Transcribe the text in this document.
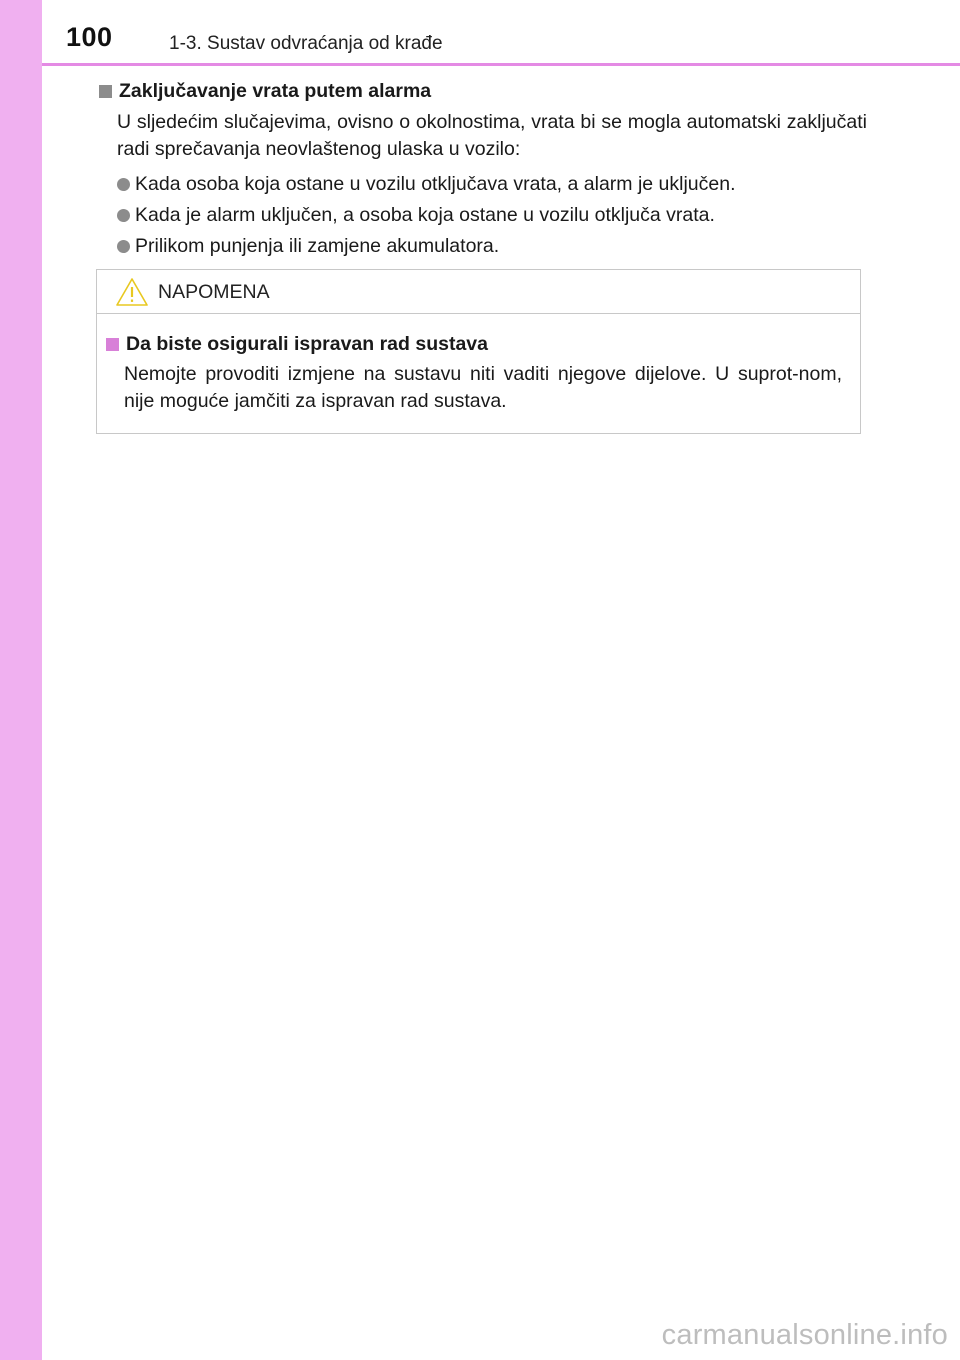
100	1-3. Sustav odvraćanja od krađe
Zaključavanje vrata putem alarma
U sljedećim slučajevima, ovisno o okolnostima, vrata bi se mogla automatski zaključati radi sprečavanja neovlaštenog ulaska u vozilo:
Kada osoba koja ostane u vozilu otključava vrata, a alarm je uključen.
Kada je alarm uključen, a osoba koja ostane u vozilu otključa vrata.
Prilikom punjenja ili zamjene akumulatora.
NAPOMENA
Da biste osigurali ispravan rad sustava
Nemojte provoditi izmjene na sustavu niti vaditi njegove dijelove. U suprot-nom, nije moguće jamčiti za ispravan rad sustava.
carmanualsonline.info
